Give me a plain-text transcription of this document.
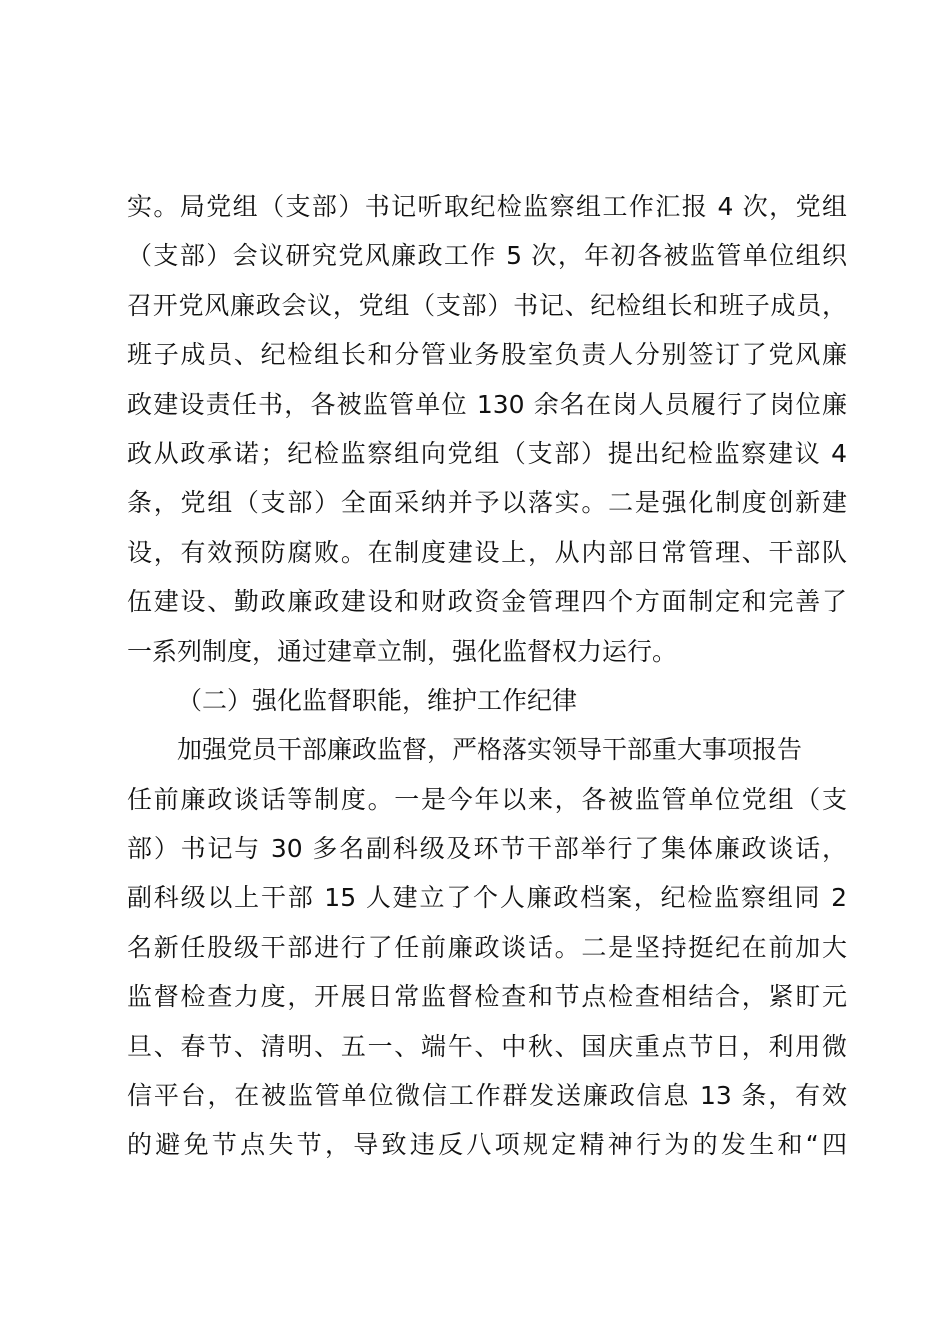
实。局党组（支部）书记听取纪检监察组工作汇报 4 次，党组
（支部）会议研究党风廉政工作 5 次，年初各被监管单位组织
召开党风廉政会议，党组（支部）书记、纪检组长和班子成员，
班子成员、纪检组长和分管业务股室负责人分别签订了党风廉
政建设责任书，各被监管单位 130 余名在岗人员履行了岗位廉
政从政承诺；纪检监察组向党组（支部）提出纪检监察建议 4
条，党组（支部）全面采纳并予以落实。二是强化制度创新建
设，有效预防腐败。在制度建设上，从内部日常管理、干部队
伍建设、勤政廉政建设和财政资金管理四个方面制定和完善了
一系列制度，通过建章立制，强化监督权力运行。
（二）强化监督职能，维护工作纪律
加强党员干部廉政监督，严格落实领导干部重大事项报告
任前廉政谈话等制度。一是今年以来，各被监管单位党组（支
部）书记与 30 多名副科级及环节干部举行了集体廉政谈话，
副科级以上干部 15 人建立了个人廉政档案，纪检监察组同 2
名新任股级干部进行了任前廉政谈话。二是坚持挺纪在前加大
监督检查力度，开展日常监督检查和节点检查相结合，紧盯元
旦、春节、清明、五一、端午、中秋、国庆重点节日，利用微
信平台，在被监管单位微信工作群发送廉政信息 13 条，有效
的避免节点失节，导致违反八项规定精神行为的发生和“四
